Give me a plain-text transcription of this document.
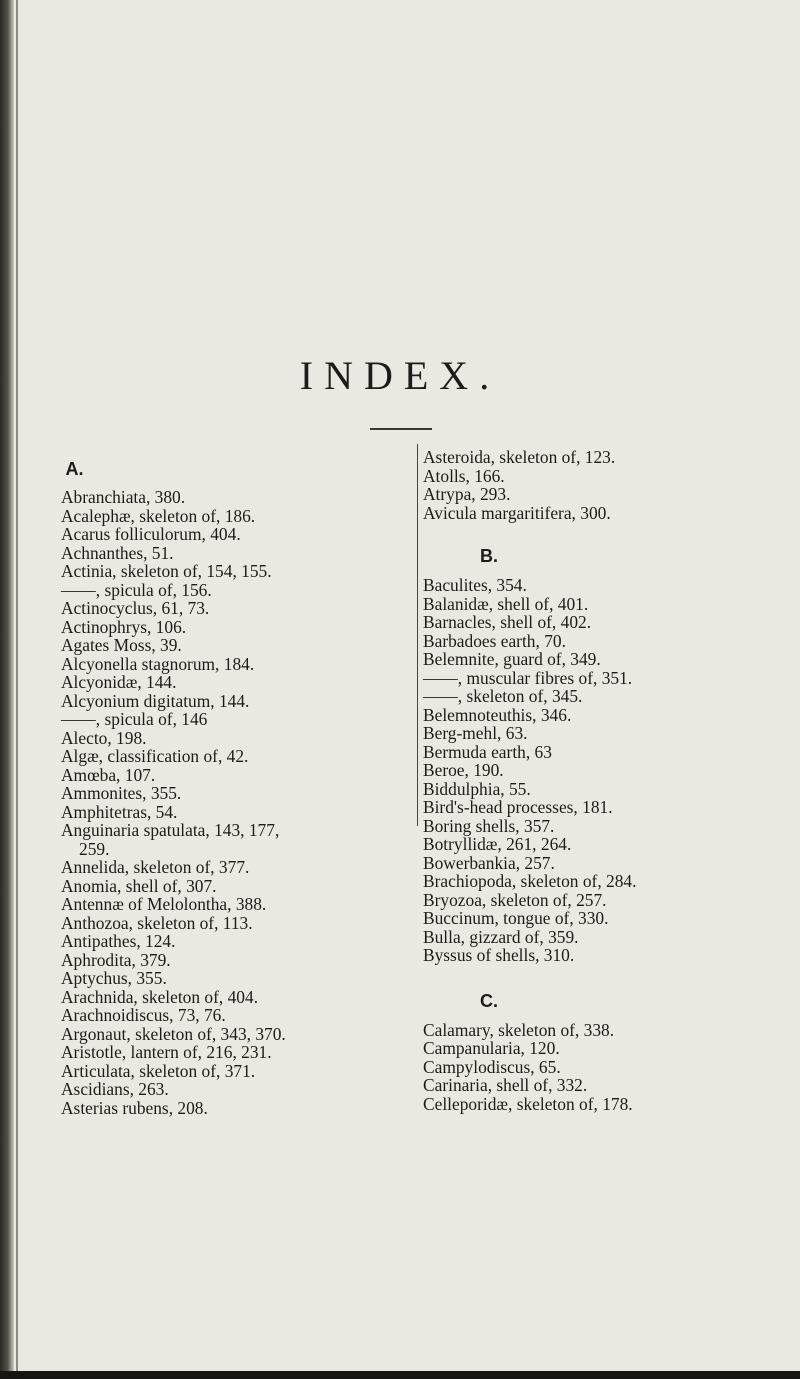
INDEX.
A.
Abranchiata, 380.
Acalephæ, skeleton of, 186.
Acarus folliculorum, 404.
Achnanthes, 51.
Actinia, skeleton of, 154, 155.
——, spicula of, 156.
Actinocyclus, 61, 73.
Actinophrys, 106.
Agates Moss, 39.
Alcyonella stagnorum, 184.
Alcyonidæ, 144.
Alcyonium digitatum, 144.
——, spicula of, 146
Alecto, 198.
Algæ, classification of, 42.
Amœba, 107.
Ammonites, 355.
Amphitetras, 54.
Anguinaria spatulata, 143, 177,
259.
Annelida, skeleton of, 377.
Anomia, shell of, 307.
Antennæ of Melolontha, 388.
Anthozoa, skeleton of, 113.
Antipathes, 124.
Aphrodita, 379.
Aptychus, 355.
Arachnida, skeleton of, 404.
Arachnoidiscus, 73, 76.
Argonaut, skeleton of, 343, 370.
Aristotle, lantern of, 216, 231.
Articulata, skeleton of, 371.
Ascidians, 263.
Asterias rubens, 208.
Asteroida, skeleton of, 123.
Atolls, 166.
Atrypa, 293.
Avicula margaritifera, 300.
B.
Baculites, 354.
Balanidæ, shell of, 401.
Barnacles, shell of, 402.
Barbadoes earth, 70.
Belemnite, guard of, 349.
——, muscular fibres of, 351.
——, skeleton of, 345.
Belemnoteuthis, 346.
Berg-mehl, 63.
Bermuda earth, 63
Beroe, 190.
Biddulphia, 55.
Bird's-head processes, 181.
Boring shells, 357.
Botryllidæ, 261, 264.
Bowerbankia, 257.
Brachiopoda, skeleton of, 284.
Bryozoa, skeleton of, 257.
Buccinum, tongue of, 330.
Bulla, gizzard of, 359.
Byssus of shells, 310.
C.
Calamary, skeleton of, 338.
Campanularia, 120.
Campylodiscus, 65.
Carinaria, shell of, 332.
Celleporidæ, skeleton of, 178.
